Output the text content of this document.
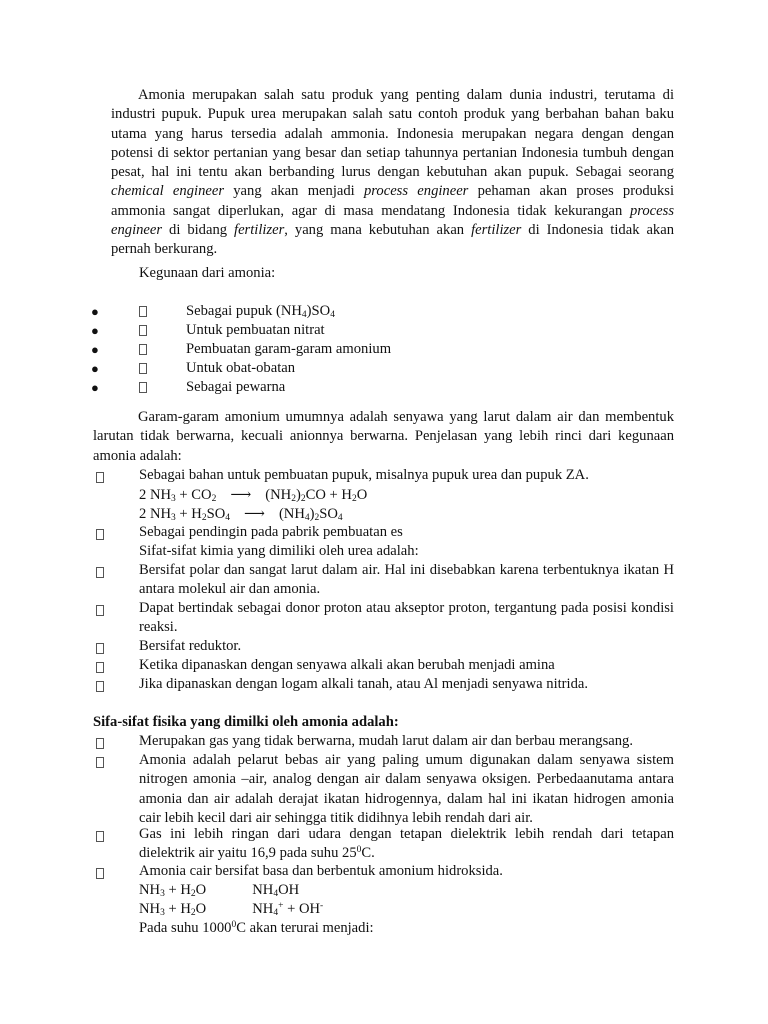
Amonia merupakan salah satu produk yang penting dalam dunia industri, terutama di industri pupuk. Pupuk urea merupakan salah satu contoh produk yang berbahan bahan baku utama yang harus tersedia adalah ammonia. Indonesia merupakan negara dengan dengan potensi di sektor pertanian yang besar dan setiap tahunnya pertanian Indonesia tumbuh dengan pesat, hal ini tentu akan berbanding lurus dengan kebutuhan akan pupuk. Sebagai seorang chemical engineer yang akan menjadi process engineer pehaman akan proses produksi ammonia sangat diperlukan, agar di masa mendatang Indonesia tidak kekurangan process engineer di bidang fertilizer, yang mana kebutuhan akan fertilizer di Indonesia tidak akan pernah berkurang.

Kegunaan dari amonia:
●	Sebagai pupuk $(NH_4)SO_4$
●	Untuk pembuatan nitrat
●	Pembuatan garam-garam amonium
●	Untuk obat-obatan
●	Sebagai pewarna

Garam-garam amonium umumnya adalah senyawa yang larut dalam air dan membentuk larutan tidak berwarna, kecuali anionnya berwarna. Penjelasan yang lebih rinci dari kegunaan amonia adalah:

Sebagai bahan untuk pembuatan pupuk, misalnya pupuk urea dan pupuk ZA.
2 $NH_3 + CO_2$ ⟶ $(NH_2)_2CO + H_2O$
2 $NH_3 + H_2SO_4$ ⟶ $(NH_4)_2SO_4$
Sebagai pendingin pada pabrik pembuatan es
Sifat-sifat kimia yang dimiliki oleh urea adalah:
Bersifat polar dan sangat larut dalam air. Hal ini disebabkan karena terbentuknya ikatan H antara molekul air dan amonia.
Dapat bertindak sebagai donor proton atau akseptor proton, tergantung pada posisi kondisi reaksi.
Bersifat reduktor.
Ketika dipanaskan dengan senyawa alkali akan berubah menjadi amina
Jika dipanaskan dengan logam alkali tanah, atau Al menjadi senyawa nitrida.
Sifa-sifat fisika yang dimilki oleh amonia adalah:
Merupakan gas yang tidak berwarna, mudah larut dalam air dan berbau merangsang.
Amonia adalah pelarut bebas air yang paling umum digunakan dalam senyawa sistem nitrogen amonia –air, analog dengan air dalam senyawa oksigen. Perbedaanutama antara amonia dan air adalah derajat ikatan hidrogennya, dalam hal ini ikatan hidrogen amonia cair lebih kecil dari air sehingga titik didihnya lebih rendah dari air.
Gas ini lebih ringan dari udara dengan tetapan dielektrik lebih rendah dari tetapan dielektrik air yaitu 16,9 pada suhu $25^0C$.
Amonia cair bersifat basa dan berbentuk amonium hidroksida.
$NH_3 + H_2O$	$NH_4OH$
$NH_3 + H_2O$	$NH_4^+ + OH^-$
Pada suhu 1000$^0$C akan terurai menjadi:
